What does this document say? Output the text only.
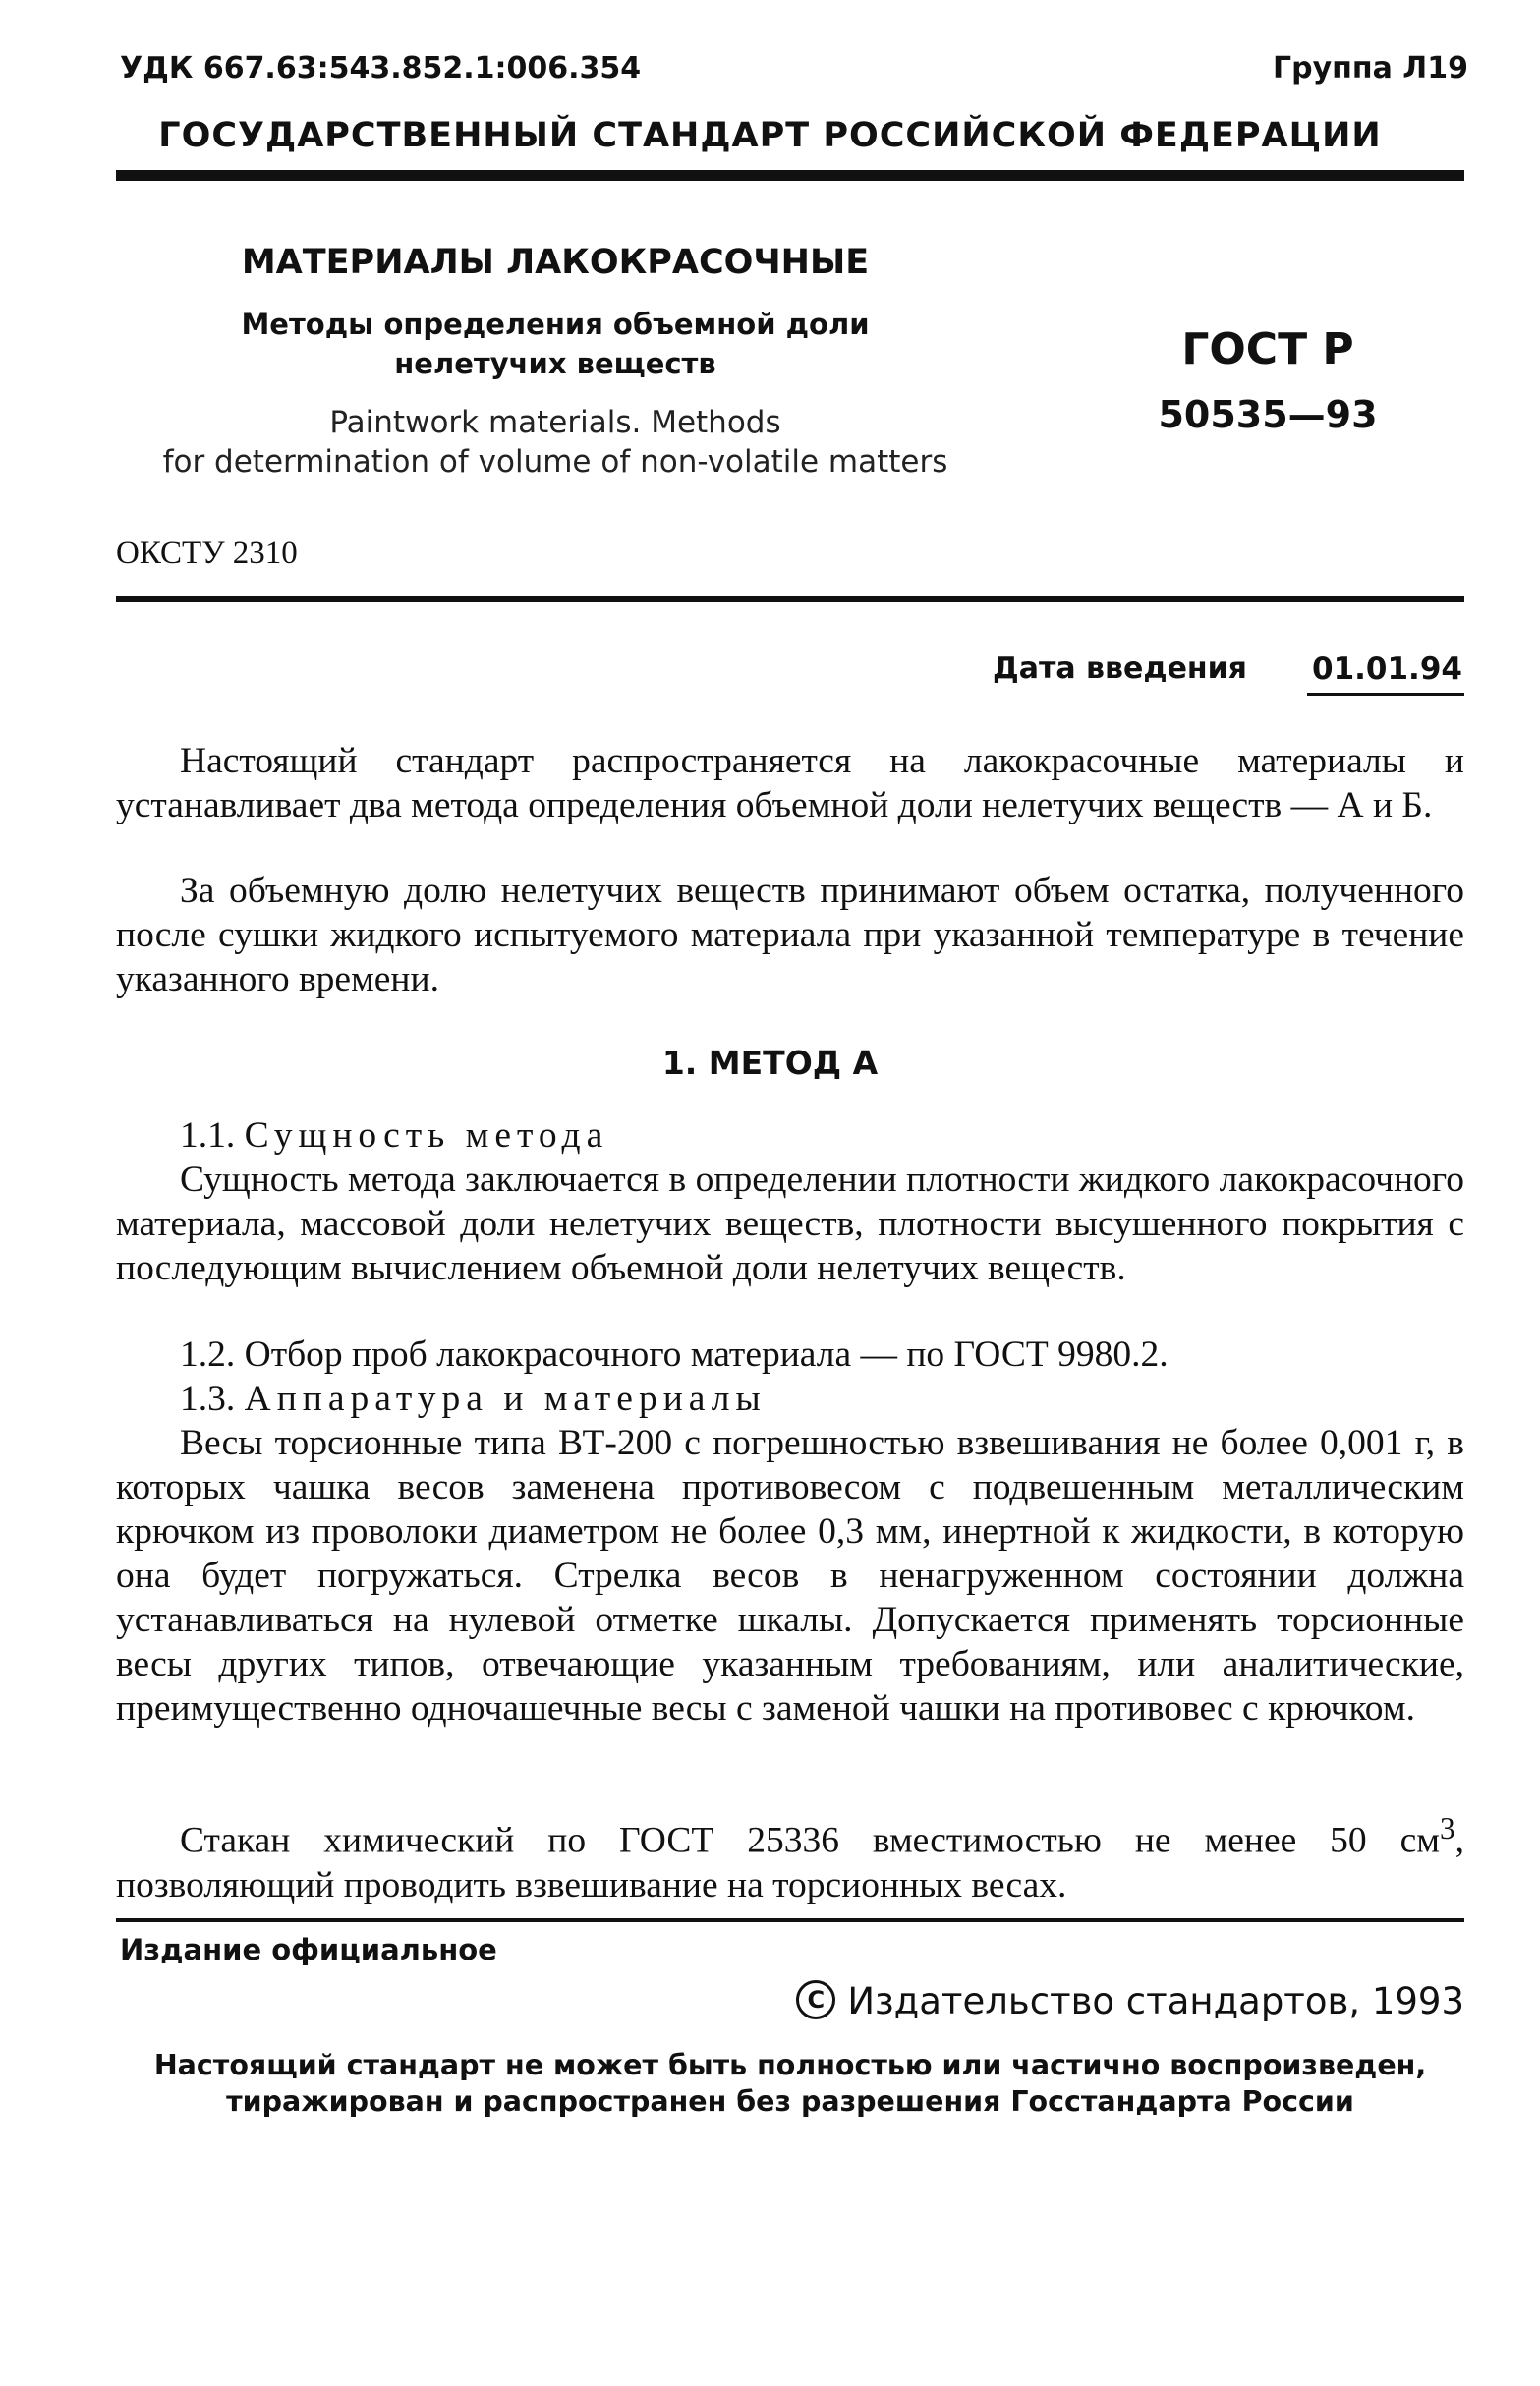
УДК 667.63:543.852.1:006.354	Группа Л19
ГОСУДАРСТВЕННЫЙ СТАНДАРТ РОССИЙСКОЙ ФЕДЕРАЦИИ
МАТЕРИАЛЫ ЛАКОКРАСОЧНЫЕ
Методы определения объемной доли
нелетучих веществ
Paintwork materials. Methods
for determination of volume of non-volatile matters
ГОСТ Р
50535—93
ОКСТУ 2310
Дата введения 01.01.94
Настоящий стандарт распространяется на лакокрасочные материалы и устанавливает два метода определения объемной доли нелетучих веществ — А и Б.
За объемную долю нелетучих веществ принимают объем остатка, полученного после сушки жидкого испытуемого материала при указанной температуре в течение указанного времени.
1. МЕТОД А
1.1. Сущность метода
Сущность метода заключается в определении плотности жидкого лакокрасочного материала, массовой доли нелетучих веществ, плотности высушенного покрытия с последующим вычислением объемной доли нелетучих веществ.
1.2. Отбор проб лакокрасочного материала — по ГОСТ 9980.2.
1.3. Аппаратура и материалы
Весы торсионные типа ВТ-200 с погрешностью взвешивания не более 0,001 г, в которых чашка весов заменена противовесом с подвешенным металлическим крючком из проволоки диаметром не более 0,3 мм, инертной к жидкости, в которую она будет погружаться. Стрелка весов в ненагруженном состоянии должна устанавливаться на нулевой отметке шкалы. Допускается применять торсионные весы других типов, отвечающие указанным требованиям, или аналитические, преимущественно одночашечные весы с заменой чашки на противовес с крючком.
Стакан химический по ГОСТ 25336 вместимостью не менее 50 $см^3$, позволяющий проводить взвешивание на торсионных весах.
Издание официальное
C Издательство стандартов, 1993
Настоящий стандарт не может быть полностью или частично воспроизведен,
тиражирован и распространен без разрешения Госстандарта России
